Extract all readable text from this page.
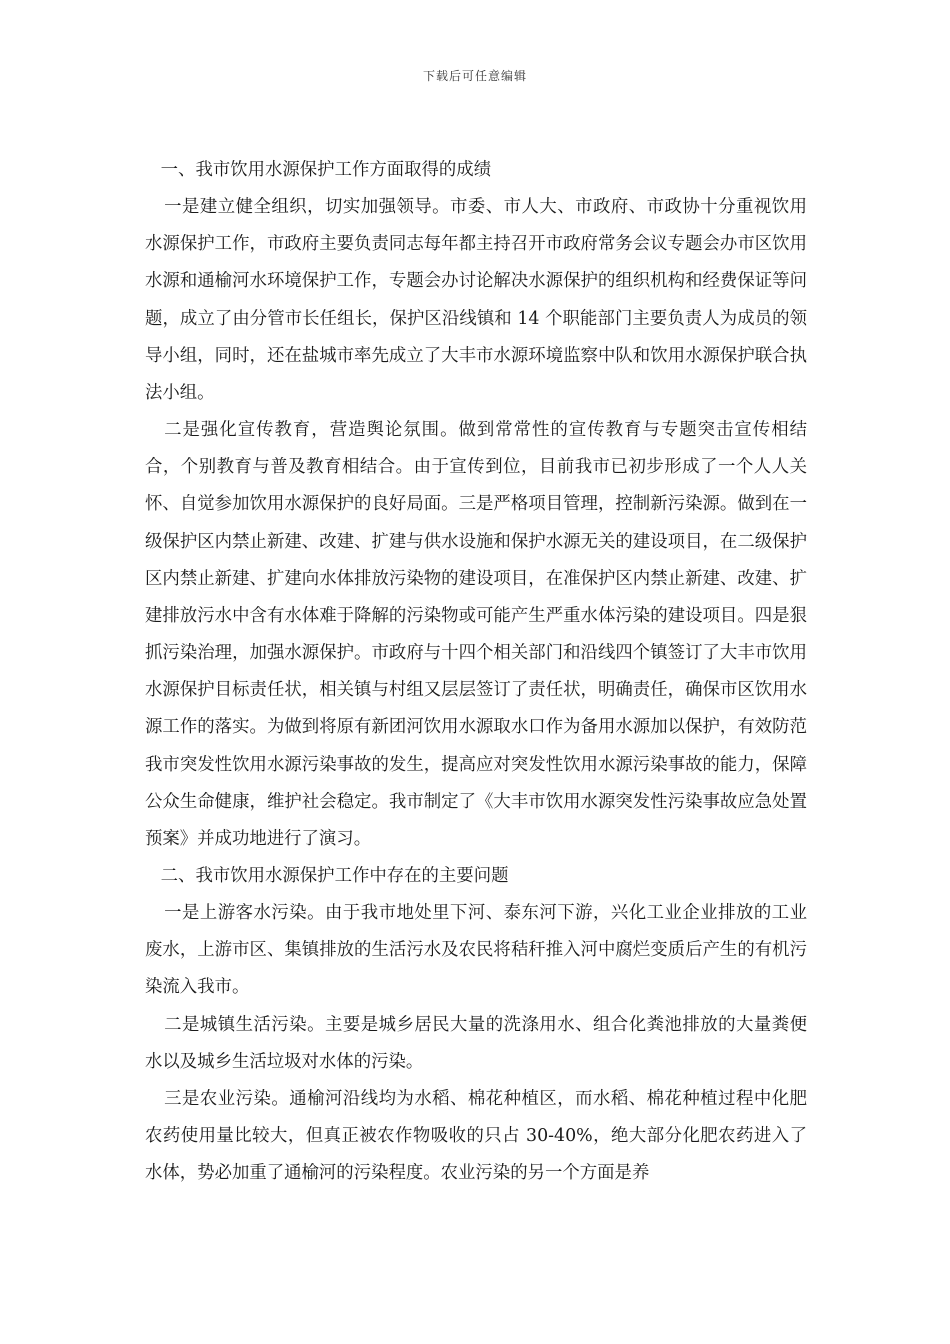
下载后可任意编辑

一、我市饮用水源保护工作方面取得的成绩

一是建立健全组织，切实加强领导。市委、市人大、市政府、市政协十分重视饮用水源保护工作，市政府主要负责同志每年都主持召开市政府常务会议专题会办市区饮用水源和通榆河水环境保护工作，专题会办讨论解决水源保护的组织机构和经费保证等问题，成立了由分管市长任组长，保护区沿线镇和 14 个职能部门主要负责人为成员的领导小组，同时，还在盐城市率先成立了大丰市水源环境监察中队和饮用水源保护联合执法小组。

二是强化宣传教育，营造舆论氛围。做到常常性的宣传教育与专题突击宣传相结合，个别教育与普及教育相结合。由于宣传到位，目前我市已初步形成了一个人人关怀、自觉参加饮用水源保护的良好局面。三是严格项目管理，控制新污染源。做到在一级保护区内禁止新建、改建、扩建与供水设施和保护水源无关的建设项目，在二级保护区内禁止新建、扩建向水体排放污染物的建设项目，在准保护区内禁止新建、改建、扩建排放污水中含有水体难于降解的污染物或可能产生严重水体污染的建设项目。四是狠抓污染治理，加强水源保护。市政府与十四个相关部门和沿线四个镇签订了大丰市饮用水源保护目标责任状，相关镇与村组又层层签订了责任状，明确责任，确保市区饮用水源工作的落实。为做到将原有新团河饮用水源取水口作为备用水源加以保护，有效防范我市突发性饮用水源污染事故的发生，提高应对突发性饮用水源污染事故的能力，保障公众生命健康，维护社会稳定。我市制定了《大丰市饮用水源突发性污染事故应急处置预案》并成功地进行了演习。

二、我市饮用水源保护工作中存在的主要问题

一是上游客水污染。由于我市地处里下河、泰东河下游，兴化工业企业排放的工业废水，上游市区、集镇排放的生活污水及农民将秸秆推入河中腐烂变质后产生的有机污染流入我市。

二是城镇生活污染。主要是城乡居民大量的洗涤用水、组合化粪池排放的大量粪便水以及城乡生活垃圾对水体的污染。

三是农业污染。通榆河沿线均为水稻、棉花种植区，而水稻、棉花种植过程中化肥农药使用量比较大，但真正被农作物吸收的只占 30-40%，绝大部分化肥农药进入了水体，势必加重了通榆河的污染程度。农业污染的另一个方面是养
